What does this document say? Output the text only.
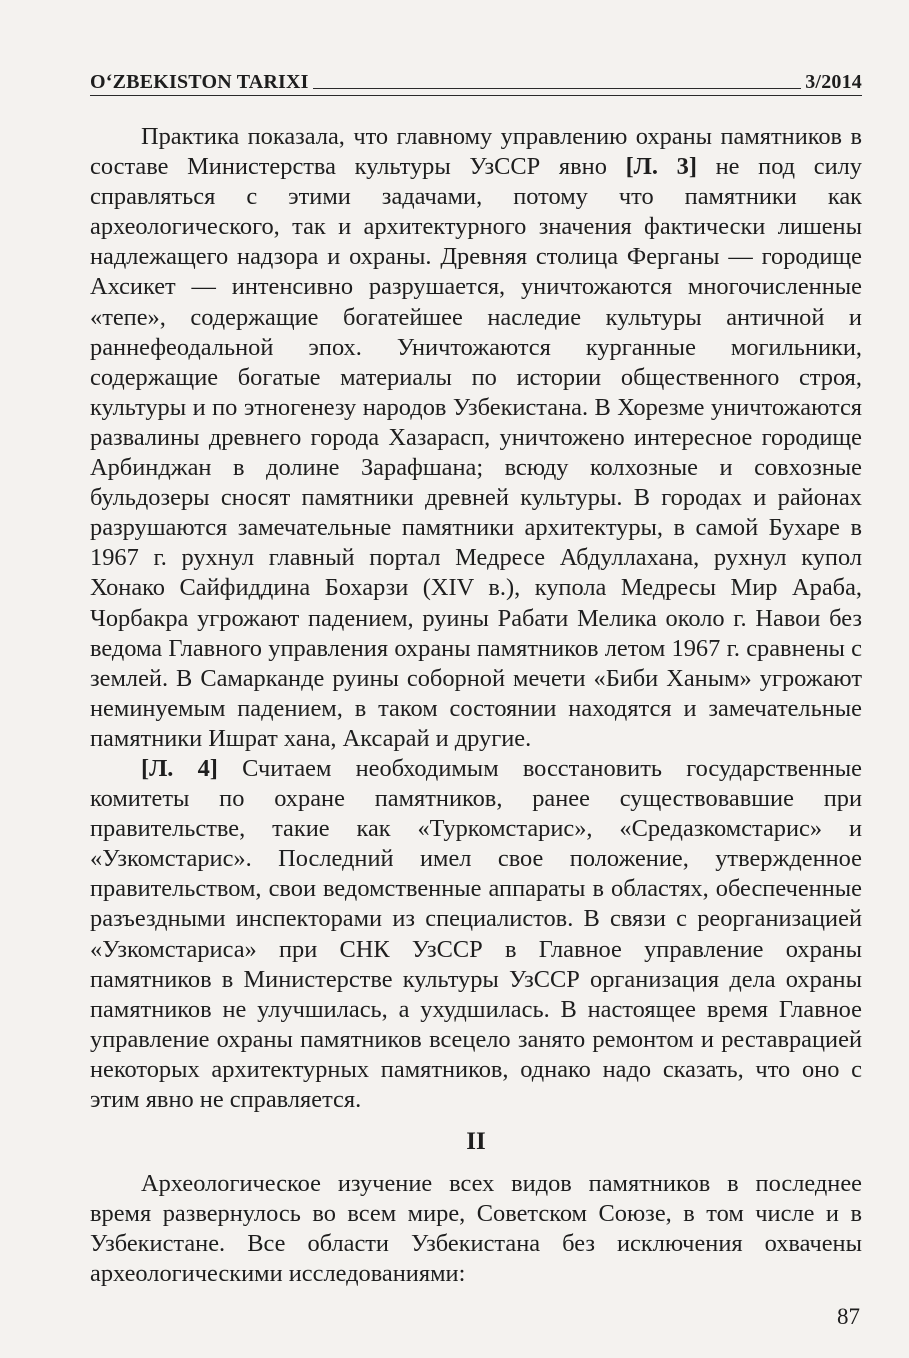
O‘ZBEKISTON TARIXI	3/2014

Практика показала, что главному управлению охраны памятников в составе Министерства культуры УзССР явно [Л. 3] не под силу справляться с этими задачами, потому что памятники как археологического, так и архитектурного значения фактически лишены надлежащего надзора и охраны. Древняя столица Ферганы — городище Ахсикет — интенсивно разрушается, уничтожаются многочисленные «тепе», содержащие богатейшее наследие культуры античной и раннефеодальной эпох. Уничтожаются курганные могильники, содержащие богатые материалы по истории общественного строя, культуры и по этногенезу народов Узбекистана. В Хорезме уничтожаются развалины древнего города Хазарасп, уничтожено интересное городище Арбинджан в долине Зарафшана; всюду колхозные и совхозные бульдозеры сносят памятники древней культуры. В городах и районах разрушаются замечательные памятники архитектуры, в самой Бухаре в 1967 г. рухнул главный портал Медресе Абдуллахана, рухнул купол Хонако Сайфиддина Бохарзи (XIV в.), купола Медресы Мир Араба, Чорбакра угрожают падением, руины Рабати Мелика около г. Навои без ведома Главного управления охраны памятников летом 1967 г. сравнены с землей. В Самарканде руины соборной мечети «Биби Ханым» угрожают неминуемым падением, в таком состоянии находятся и замечательные памятники Ишрат хана, Аксарай и другие.

[Л. 4] Считаем необходимым восстановить государственные комитеты по охране памятников, ранее существовавшие при правительстве, такие как «Туркомстарис», «Средазкомстарис» и «Узкомстарис». Последний имел свое положение, утвержденное правительством, свои ведомственные аппараты в областях, обеспеченные разъездными инспекторами из специалистов. В связи с реорганизацией «Узкомстариса» при СНК УзССР в Главное управление охраны памятников в Министерстве культуры УзССР организация дела охраны памятников не улучшилась, а ухудшилась. В настоящее время Главное управление охраны памятников всецело занято ремонтом и реставрацией некоторых архитектурных памятников, однако надо сказать, что оно с этим явно не справляется.

II

Археологическое изучение всех видов памятников в последнее время развернулось во всем мире, Советском Союзе, в том числе и в Узбекистане. Все области Узбекистана без исключения охвачены археологическими исследованиями:

87
